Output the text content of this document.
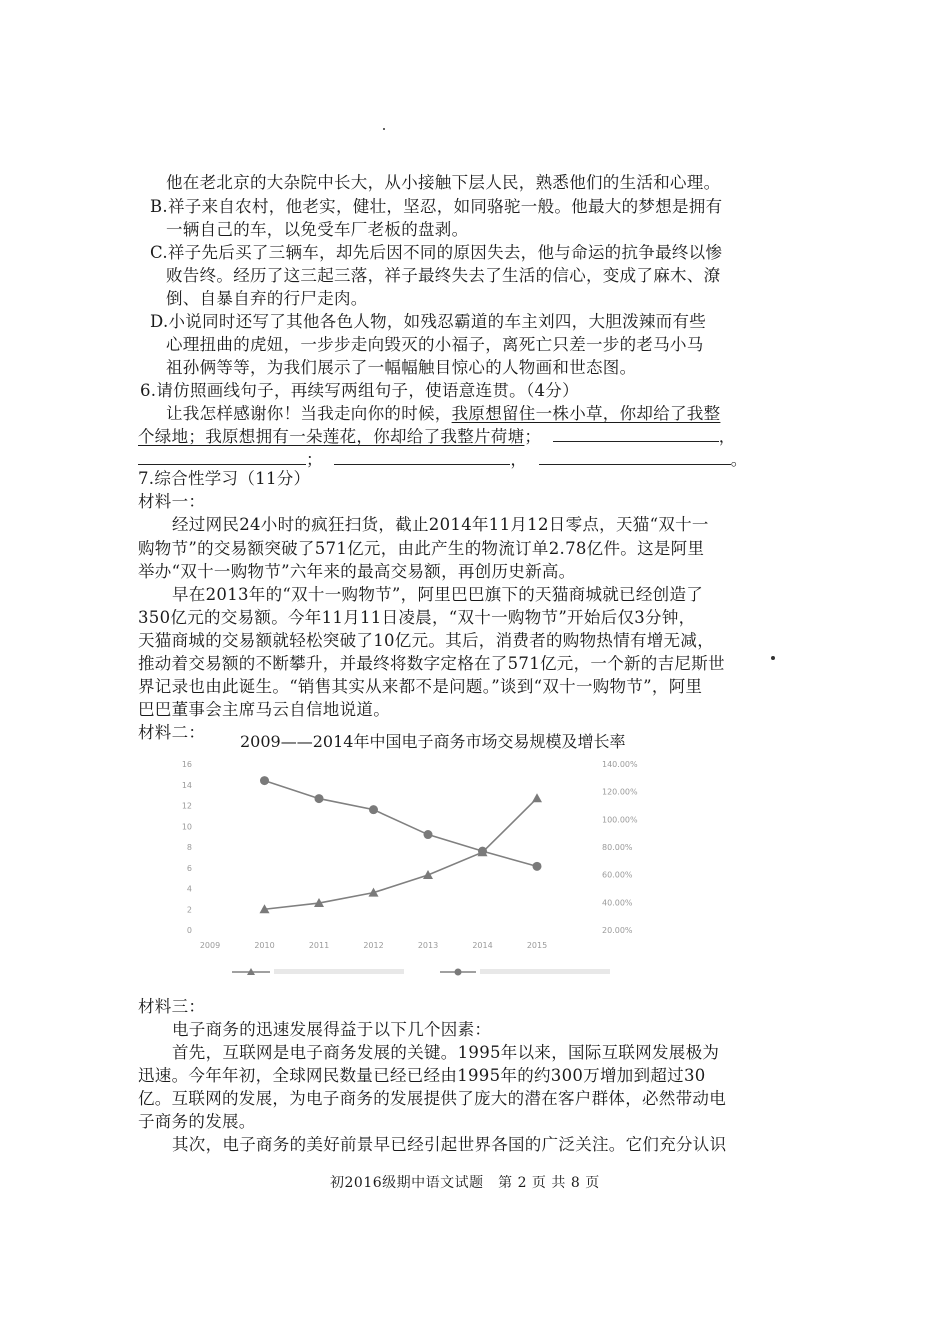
他在老北京的大杂院中长大，从小接触下层人民，熟悉他们的生活和心理。
B.祥子来自农村，他老实，健壮，坚忍，如同骆驼一般。他最大的梦想是拥有
一辆自己的车，以免受车厂老板的盘剥。
C.祥子先后买了三辆车，却先后因不同的原因失去，他与命运的抗争最终以惨
败告终。经历了这三起三落，祥子最终失去了生活的信心，变成了麻木、潦
倒、自暴自弃的行尸走肉。
D.小说同时还写了其他各色人物，如残忍霸道的车主刘四，大胆泼辣而有些
心理扭曲的虎妞，一步步走向毁灭的小福子，离死亡只差一步的老马小马
祖孙俩等等，为我们展示了一幅幅触目惊心的人物画和世态图。
6.请仿照画线句子，再续写两组句子，使语意连贯。（4分）
让我怎样感谢你！当我走向你的时候，我原想留住一株小草，你却给了我整
个绿地；我原想拥有一朵莲花，你却给了我整片荷塘；	，
；	，	。
7.综合性学习（11分）
材料一：
经过网民24小时的疯狂扫货，截止2014年11月12日零点，天猫“双十一
购物节”的交易额突破了571亿元，由此产生的物流订单2.78亿件。这是阿里
举办“双十一购物节”六年来的最高交易额，再创历史新高。
早在2013年的“双十一购物节”，阿里巴巴旗下的天猫商城就已经创造了
350亿元的交易额。今年11月11日凌晨，“双十一购物节”开始后仅3分钟，
天猫商城的交易额就轻松突破了10亿元。其后，消费者的购物热情有增无减，
推动着交易额的不断攀升，并最终将数字定格在了571亿元，一个新的吉尼斯世
界记录也由此诞生。“销售其实从来都不是问题。”谈到“双十一购物节”，阿里
巴巴董事会主席马云自信地说道。
材料二： 2009——2014年中国电子商务市场交易规模及增长率
16
14
12
10
8
6
4
2
0
140.00%
120.00%
100.00%
80.00%
60.00%
40.00%
20.00%
2009	2010	2011	2012	2013	2014	2015
材料三：
电子商务的迅速发展得益于以下几个因素：
首先，互联网是电子商务发展的关键。1995年以来，国际互联网发展极为
迅速。今年年初，全球网民数量已经已经由1995年的约300万增加到超过30
亿。互联网的发展，为电子商务的发展提供了庞大的潜在客户群体，必然带动电
子商务的发展。
其次，电子商务的美好前景早已经引起世界各国的广泛关注。它们充分认识
初2016级期中语文试题　第 2 页 共 8 页
